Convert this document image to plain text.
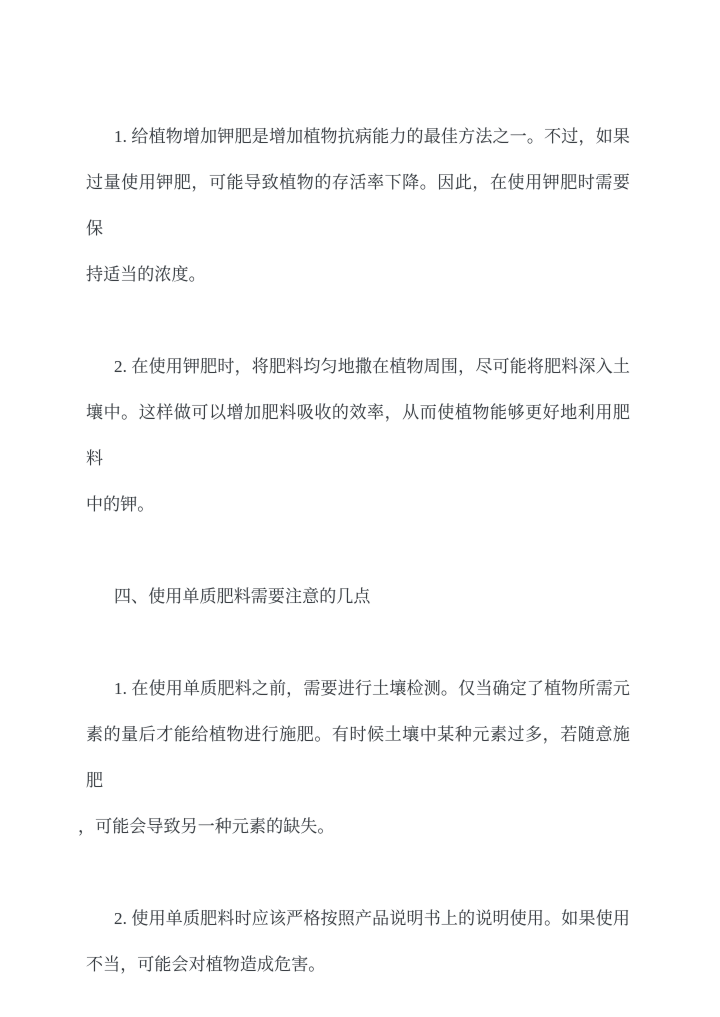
1. 给植物增加钾肥是增加植物抗病能力的最佳方法之一。不过，如果

过量使用钾肥，可能导致植物的存活率下降。因此，在使用钾肥时需要保

持适当的浓度。

2. 在使用钾肥时，将肥料均匀地撒在植物周围，尽可能将肥料深入土

壤中。这样做可以增加肥料吸收的效率，从而使植物能够更好地利用肥料

中的钾。

四、使用单质肥料需要注意的几点

1. 在使用单质肥料之前，需要进行土壤检测。仅当确定了植物所需元

素的量后才能给植物进行施肥。有时候土壤中某种元素过多，若随意施肥

，可能会导致另一种元素的缺失。

2. 使用单质肥料时应该严格按照产品说明书上的说明使用。如果使用

不当，可能会对植物造成危害。
